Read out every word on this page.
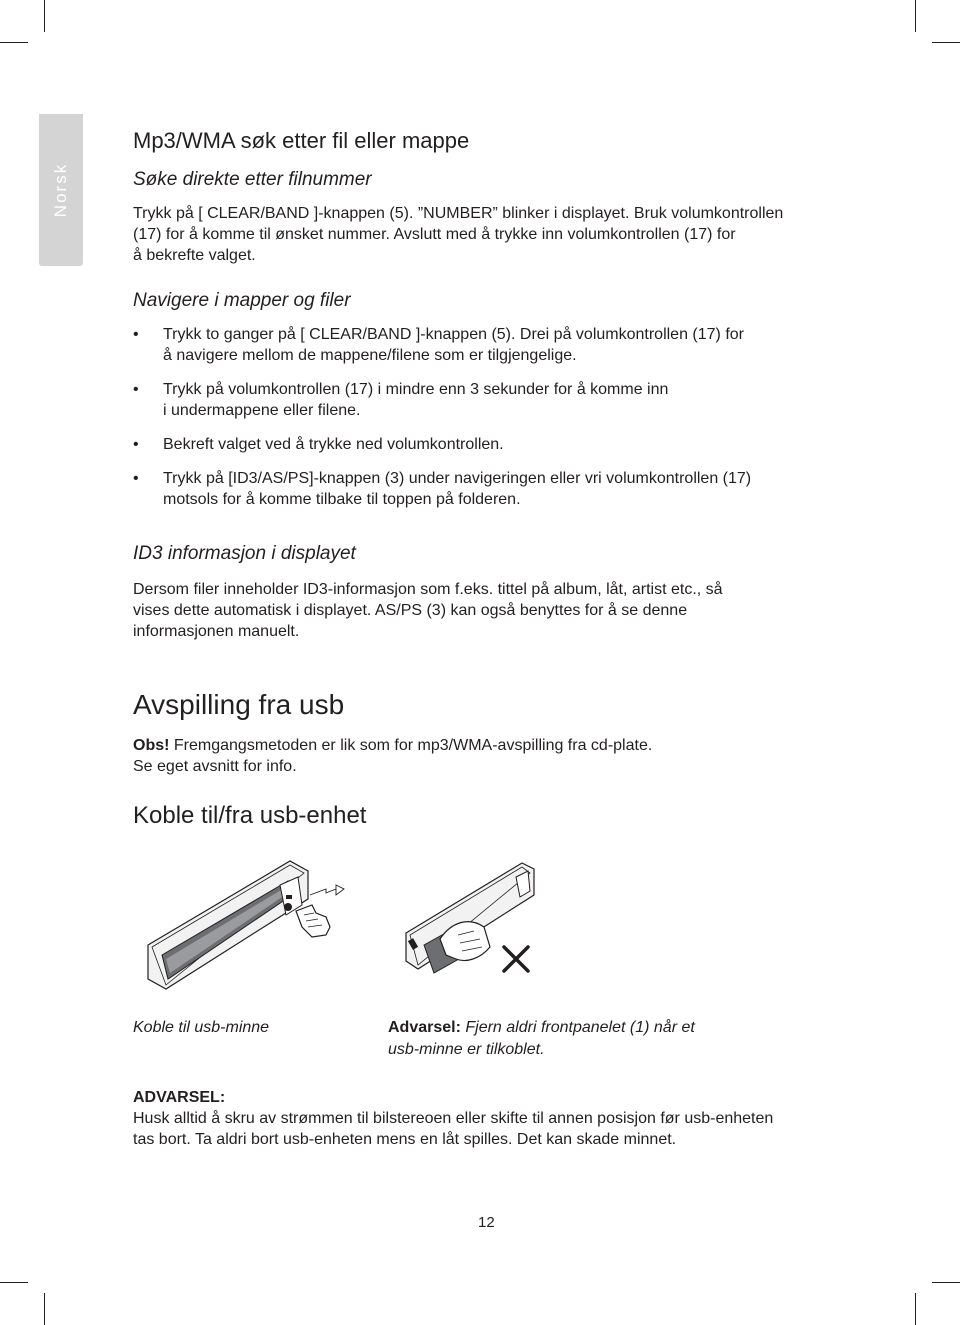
Norsk
Mp3/WMA søk etter fil eller mappe
Søke direkte etter filnummer
Trykk på [ CLEAR/BAND ]-knappen (5). ”NUMBER” blinker i displayet. Bruk volumkontrollen
(17) for å komme til ønsket nummer. Avslutt med å trykke inn volumkontrollen (17) for
å bekrefte valget.
Navigere i mapper og filer
• Trykk to ganger på [ CLEAR/BAND ]-knappen (5). Drei på volumkontrollen (17) for
å navigere mellom de mappene/filene som er tilgjengelige.
• Trykk på volumkontrollen (17) i mindre enn 3 sekunder for å komme inn
i undermappene eller filene.
• Bekreft valget ved å trykke ned volumkontrollen.
• Trykk på [ID3/AS/PS]-knappen (3) under navigeringen eller vri volumkontrollen (17)
motsols for å komme tilbake til toppen på folderen.
ID3 informasjon i displayet
Dersom filer inneholder ID3-informasjon som f.eks. tittel på album, låt, artist etc., så
vises dette automatisk i displayet. AS/PS (3) kan også benyttes for å se denne
informasjonen manuelt.
Avspilling fra usb
Obs! Fremgangsmetoden er lik som for mp3/WMA-avspilling fra cd-plate.
Se eget avsnitt for info.
Koble til/fra usb-enhet
Koble til usb-minne	Advarsel: Fjern aldri frontpanelet (1) når et
usb-minne er tilkoblet.
ADVARSEL:
Husk alltid å skru av strømmen til bilstereoen eller skifte til annen posisjon før usb-enheten
tas bort. Ta aldri bort usb-enheten mens en låt spilles. Det kan skade minnet.
12
